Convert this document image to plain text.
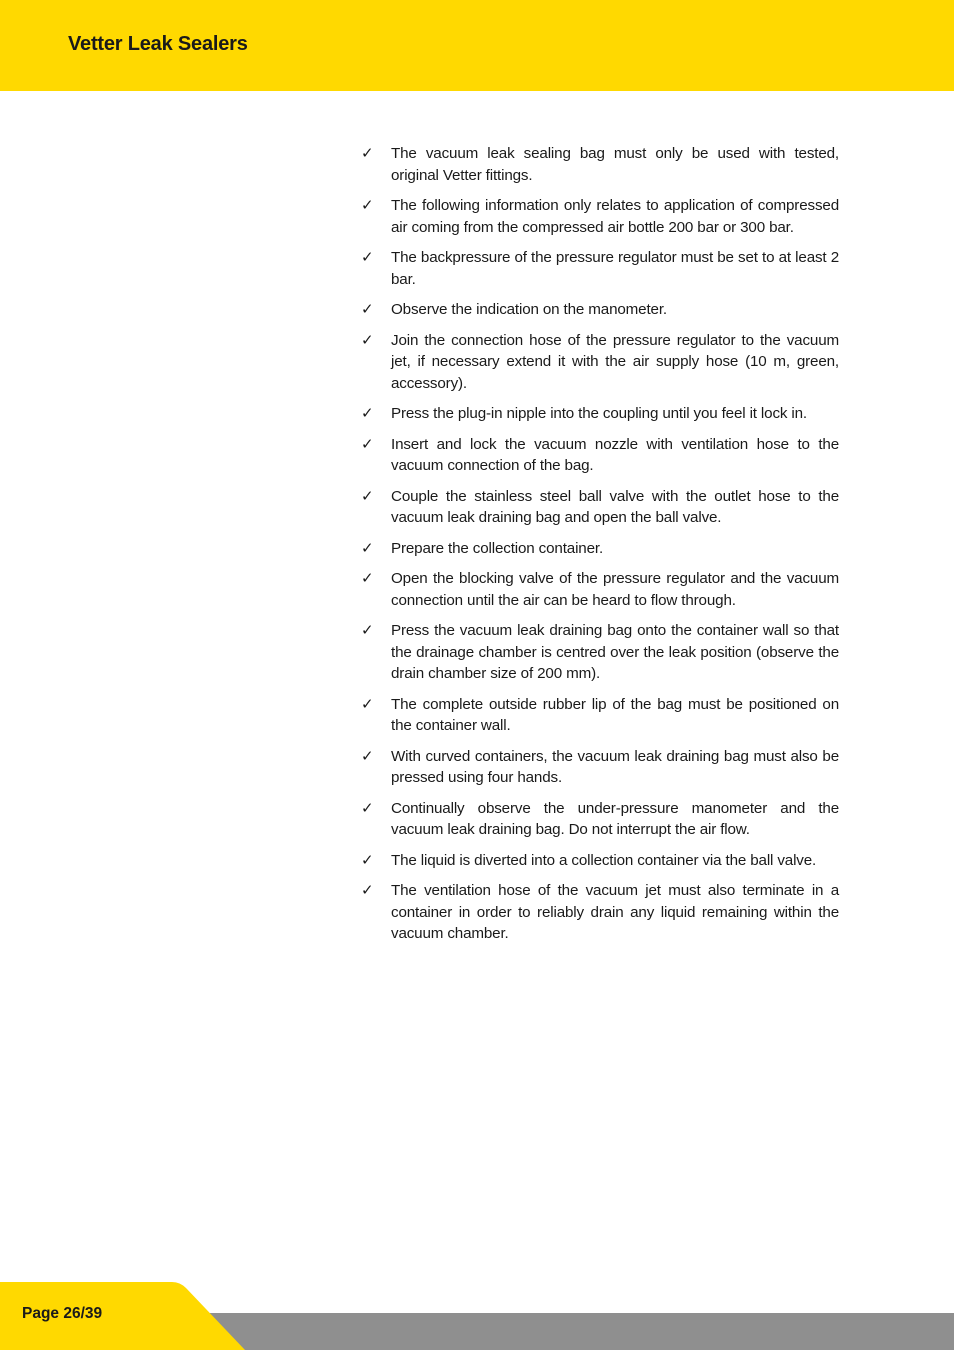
Vetter Leak Sealers
✓ The vacuum leak sealing bag must only be used with tested, original Vetter fittings.
✓ The following information only relates to application of compressed air coming from the compressed air bottle 200 bar or 300 bar.
✓ The backpressure of the pressure regulator must be set to at least 2 bar.
✓ Observe the indication on the manometer.
✓ Join the connection hose of the pressure regulator to the vacuum jet, if necessary extend it with the air supply hose (10 m, green, accessory).
✓ Press the plug-in nipple into the coupling until you feel it lock in.
✓ Insert and lock the vacuum nozzle with ventilation hose to the vacuum connection of the bag.
✓ Couple the stainless steel ball valve with the outlet hose to the vacuum leak draining bag and open the ball valve.
✓ Prepare the collection container.
✓ Open the blocking valve of the pressure regulator and the vacuum connection until the air can be heard to flow through.
✓ Press the vacuum leak draining bag onto the container wall so that the drainage chamber is centred over the leak position (observe the drain chamber size of 200 mm).
✓ The complete outside rubber lip of the bag must be positioned on the container wall.
✓ With curved containers, the vacuum leak draining bag must also be pressed using four hands.
✓ Continually observe the under-pressure manometer and the vacuum leak draining bag. Do not interrupt the air flow.
✓ The liquid is diverted into a collection container via the ball valve.
✓ The ventilation hose of the vacuum jet must also terminate in a container in order to reliably drain any liquid remaining within the vacuum chamber.
Page 26/39
